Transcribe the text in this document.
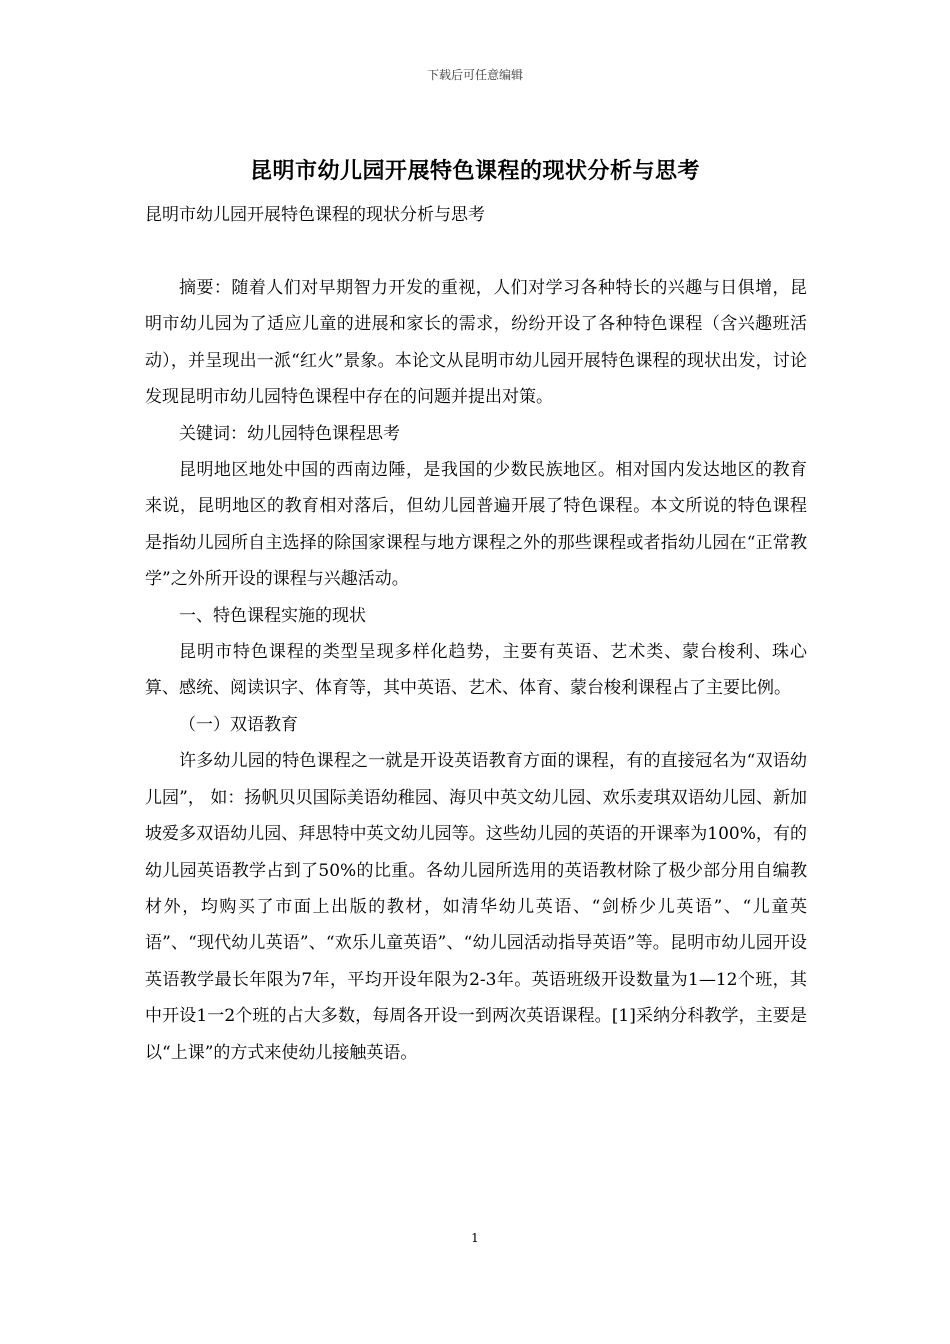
下载后可任意编辑
昆明市幼儿园开展特色课程的现状分析与思考
昆明市幼儿园开展特色课程的现状分析与思考

摘要：随着人们对早期智力开发的重视，人们对学习各种特长的兴趣与日俱增，昆明市幼儿园为了适应儿童的进展和家长的需求，纷纷开设了各种特色课程（含兴趣班活动），并呈现出一派“红火”景象。本论文从昆明市幼儿园开展特色课程的现状出发，讨论发现昆明市幼儿园特色课程中存在的问题并提出对策。

关键词：幼儿园特色课程思考

昆明地区地处中国的西南边陲，是我国的少数民族地区。相对国内发达地区的教育来说，昆明地区的教育相对落后，但幼儿园普遍开展了特色课程。本文所说的特色课程是指幼儿园所自主选择的除国家课程与地方课程之外的那些课程或者指幼儿园在“正常教学”之外所开设的课程与兴趣活动。

一、特色课程实施的现状

昆明市特色课程的类型呈现多样化趋势，主要有英语、艺术类、蒙台梭利、珠心算、感统、阅读识字、体育等，其中英语、艺术、体育、蒙台梭利课程占了主要比例。

（一）双语教育

许多幼儿园的特色课程之一就是开设英语教育方面的课程，有的直接冠名为“双语幼儿园”， 如：扬帆贝贝国际美语幼稚园、海贝中英文幼儿园、欢乐麦琪双语幼儿园、新加坡爱多双语幼儿园、拜思特中英文幼儿园等。这些幼儿园的英语的开课率为100%，有的幼儿园英语教学占到了50%的比重。各幼儿园所选用的英语教材除了极少部分用自编教材外，均购买了市面上出版的教材，如清华幼儿英语、“剑桥少儿英语”、“儿童英语”、“现代幼儿英语”、“欢乐儿童英语”、“幼儿园活动指导英语”等。昆明市幼儿园开设英语教学最长年限为7年，平均开设年限为2-3年。英语班级开设数量为1—12个班，其中开设1一2个班的占大多数，每周各开设一到两次英语课程。[1]采纳分科教学，主要是以“上课”的方式来使幼儿接触英语。

1
